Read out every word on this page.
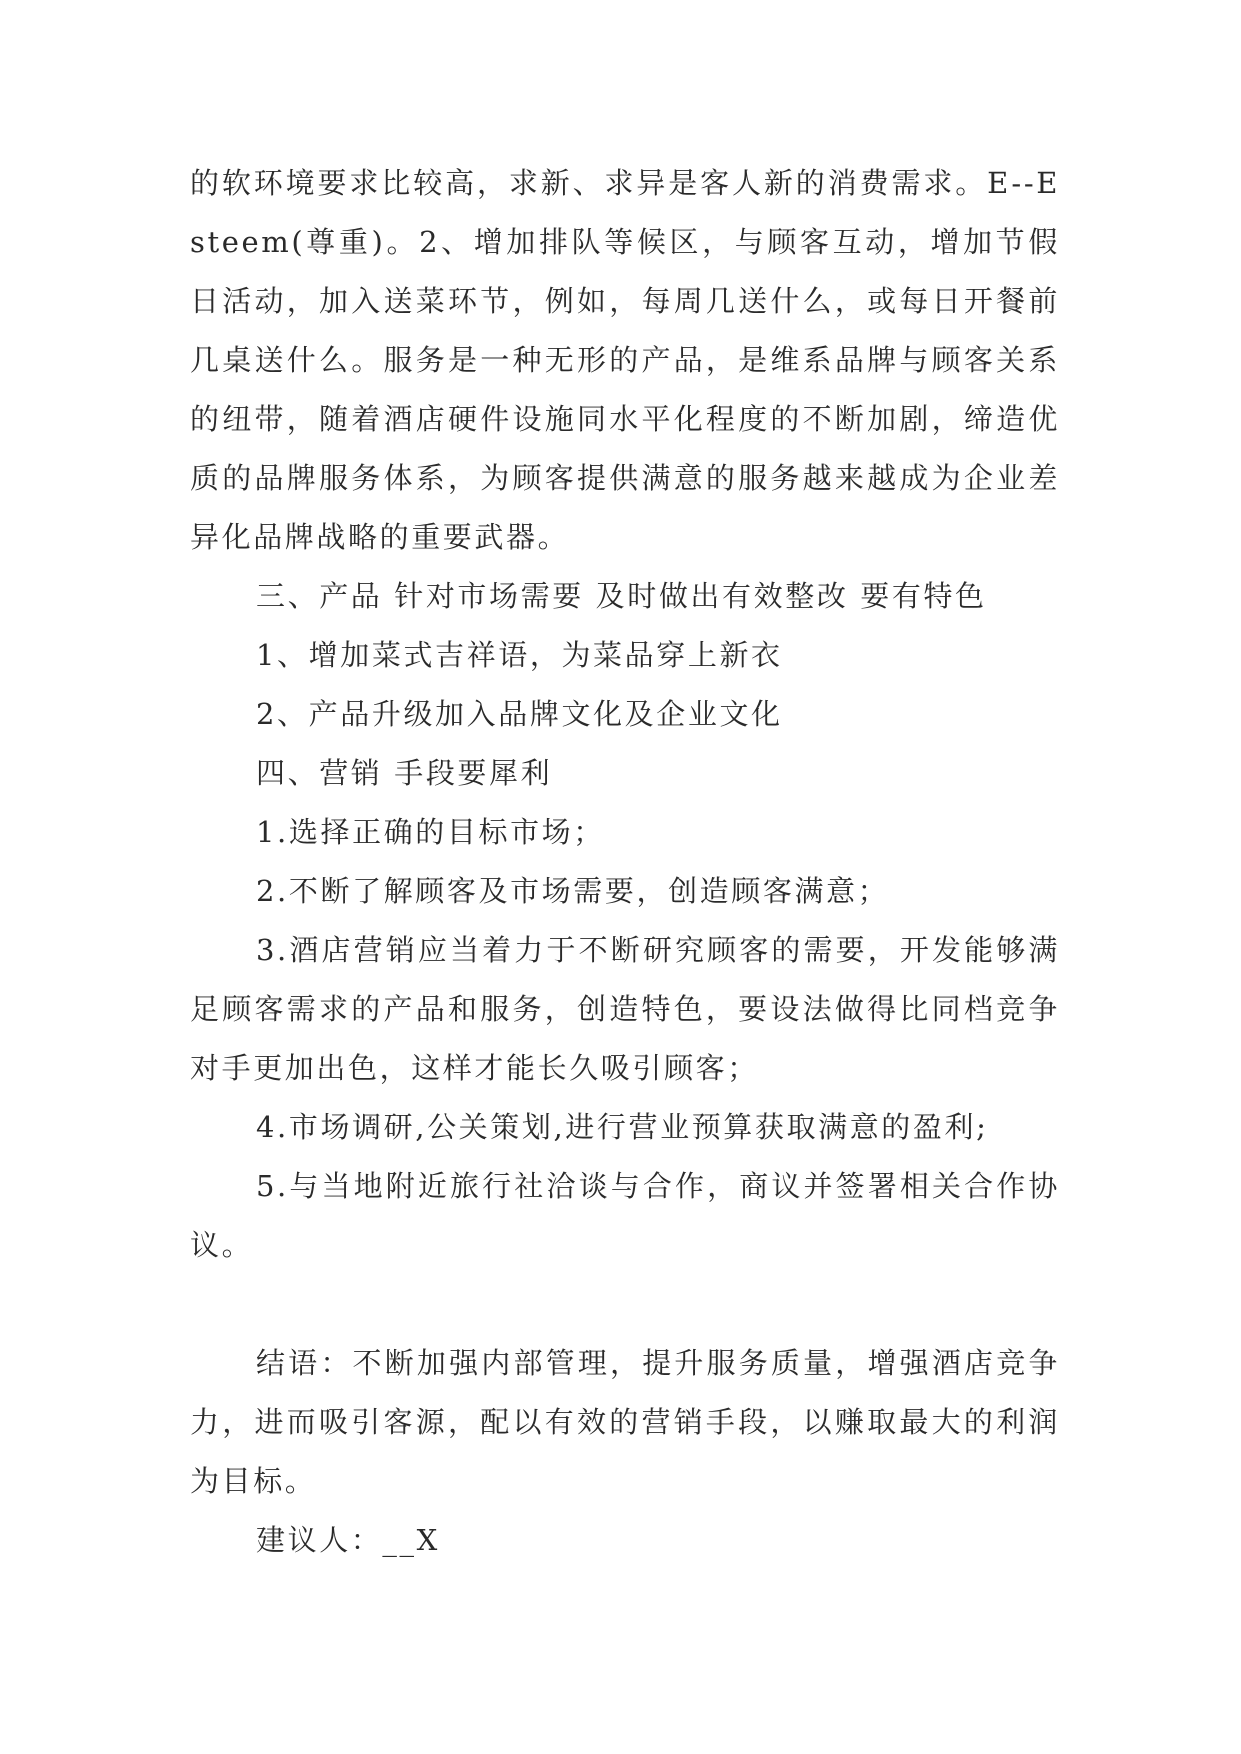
的软环境要求比较高，求新、求异是客人新的消费需求。E--Esteem(尊重)。2、增加排队等候区，与顾客互动，增加节假日活动，加入送菜环节，例如，每周几送什么，或每日开餐前几桌送什么。服务是一种无形的产品，是维系品牌与顾客关系的纽带，随着酒店硬件设施同水平化程度的不断加剧，缔造优质的品牌服务体系，为顾客提供满意的服务越来越成为企业差异化品牌战略的重要武器。

三、产品 针对市场需要 及时做出有效整改 要有特色

1、增加菜式吉祥语，为菜品穿上新衣

2、产品升级加入品牌文化及企业文化

四、营销 手段要犀利

1.选择正确的目标市场；

2.不断了解顾客及市场需要，创造顾客满意；

3.酒店营销应当着力于不断研究顾客的需要，开发能够满足顾客需求的产品和服务，创造特色，要设法做得比同档竞争对手更加出色，这样才能长久吸引顾客；

4.市场调研,公关策划,进行营业预算获取满意的盈利;

5.与当地附近旅行社洽谈与合作，商议并签署相关合作协议。

结语：不断加强内部管理，提升服务质量，增强酒店竞争力，进而吸引客源，配以有效的营销手段，以赚取最大的利润为目标。

建议人：__X
